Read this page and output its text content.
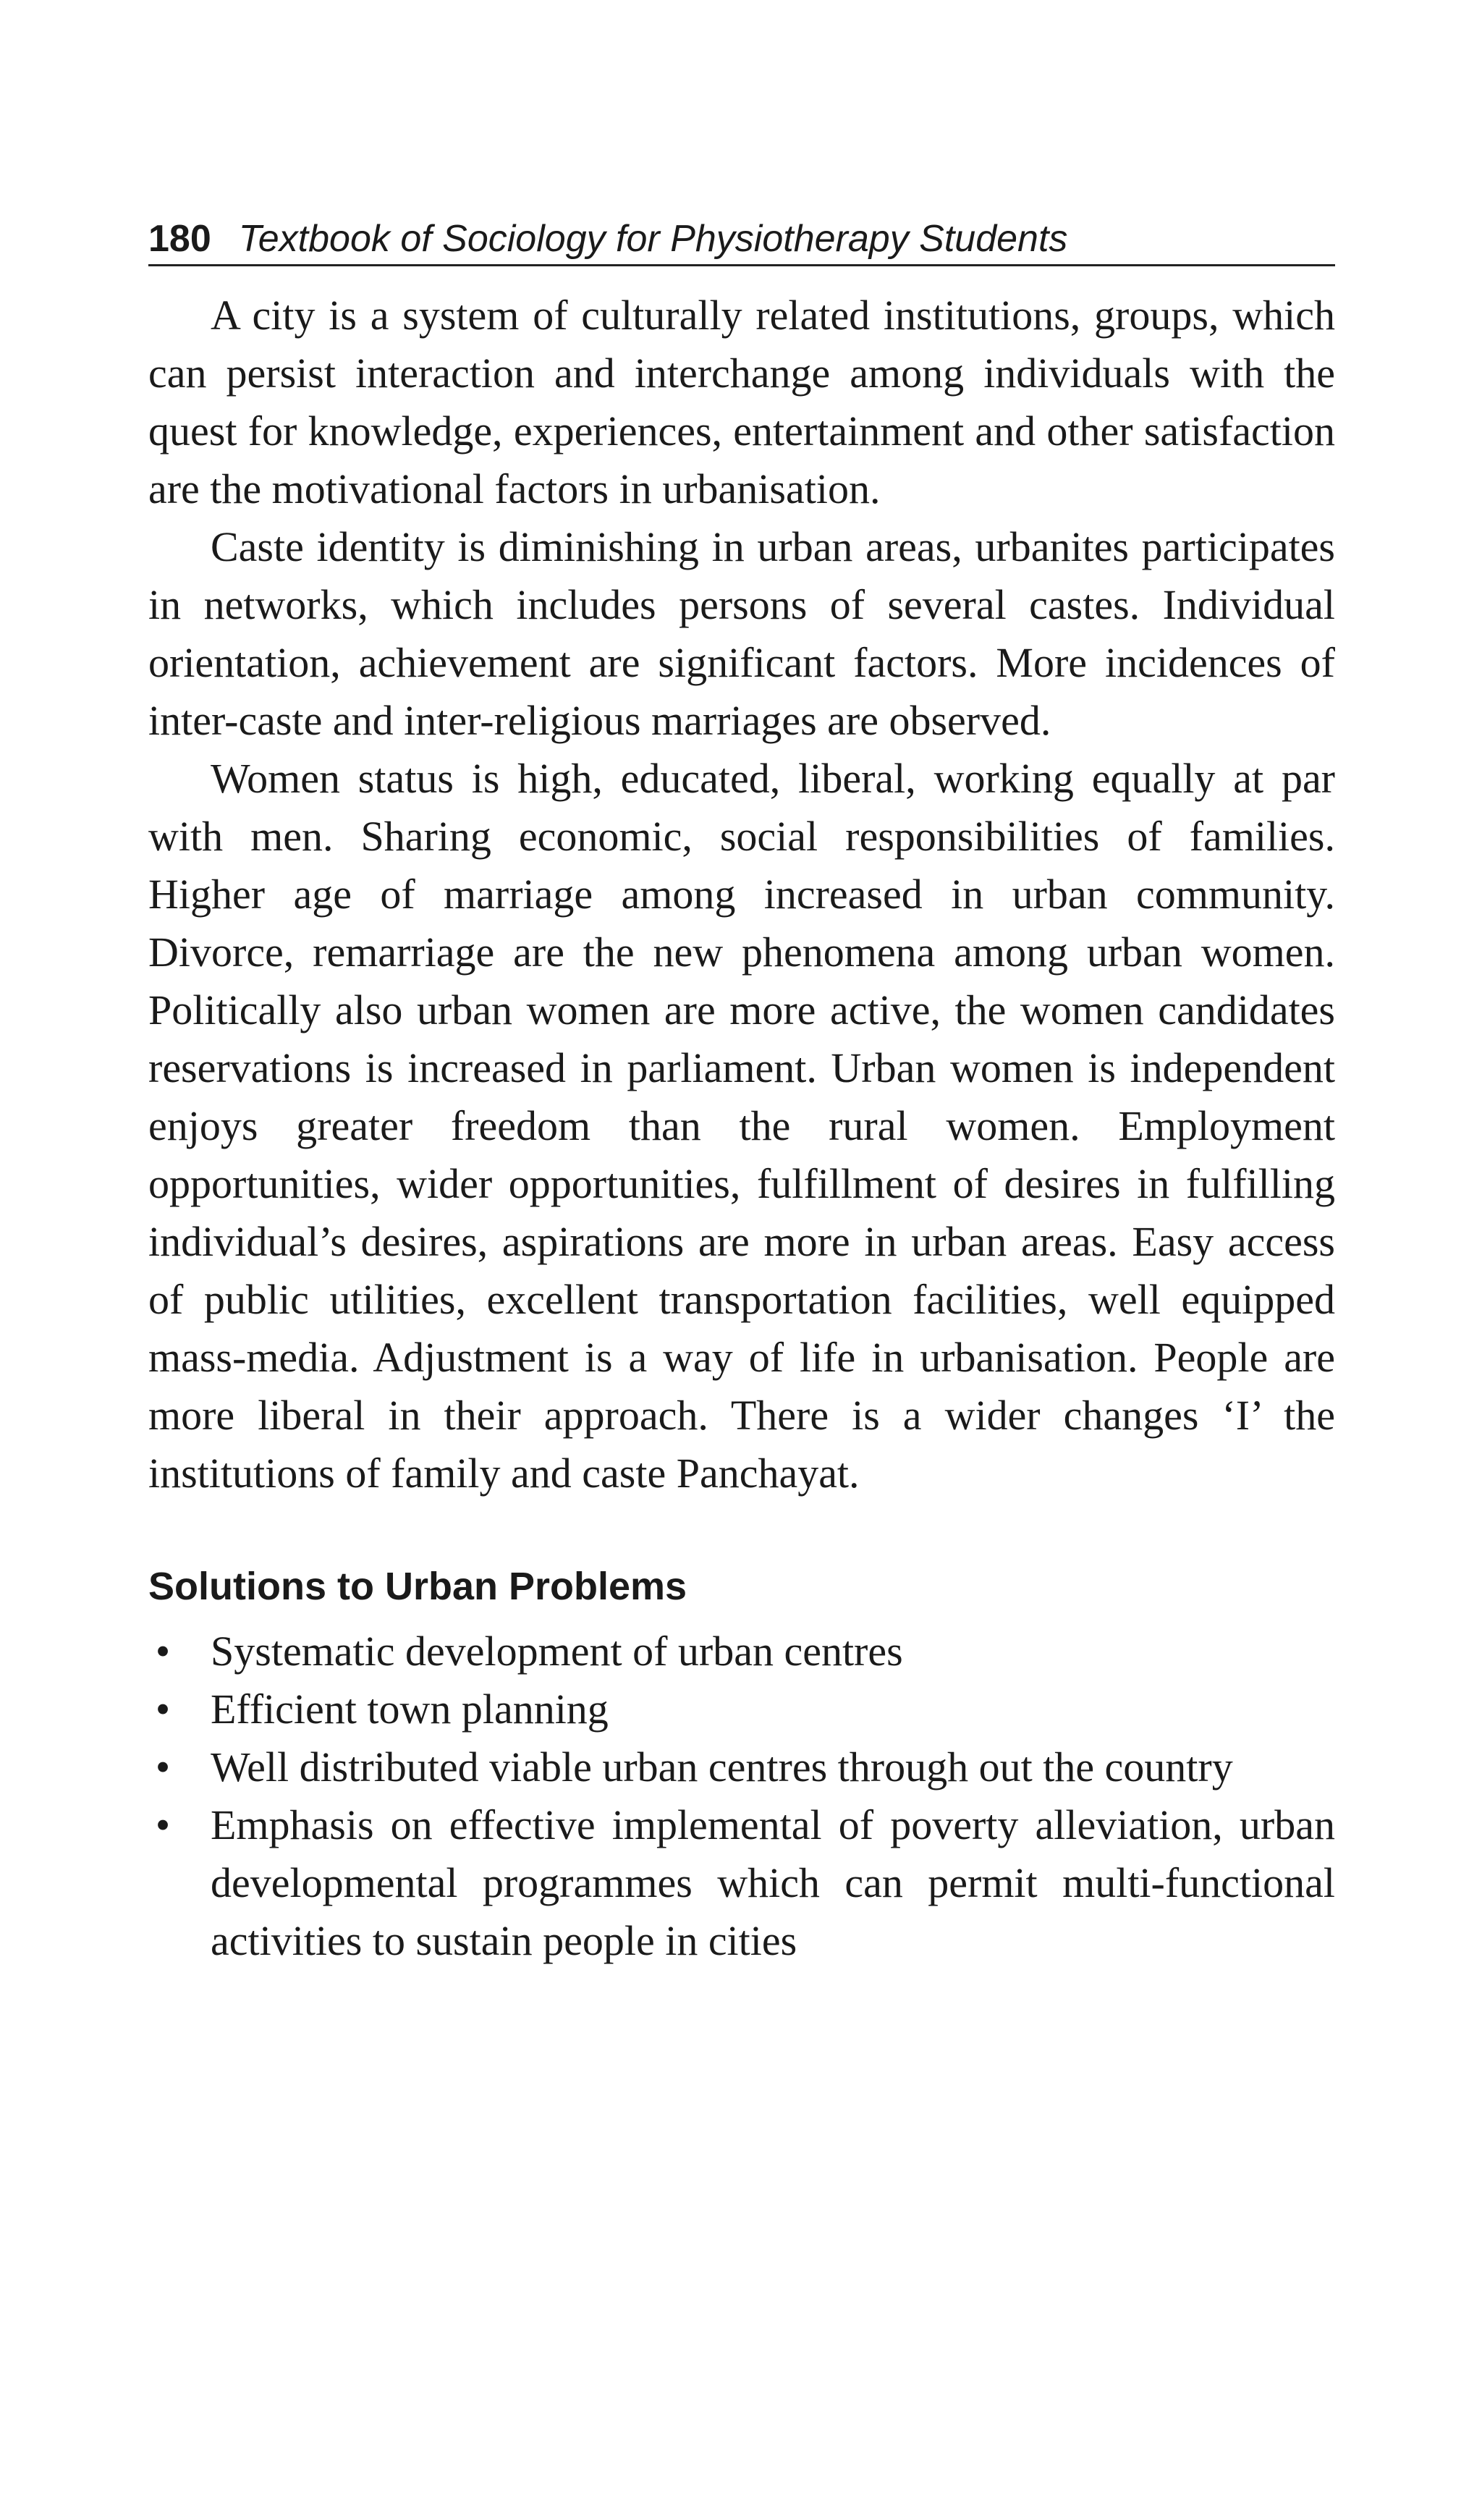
180 Textbook of Sociology for Physiotherapy Students

A city is a system of culturally related institutions, groups, which can persist interaction and interchange among individuals with the quest for knowledge, experiences, entertainment and other satisfaction are the motivational factors in urbanisation.

Caste identity is diminishing in urban areas, urbanites participates in networks, which includes persons of several castes. Individual orientation, achievement are significant factors. More incidences of inter-caste and inter-religious marriages are observed.

Women status is high, educated, liberal, working equally at par with men. Sharing economic, social responsibilities of families. Higher age of marriage among increased in urban community. Divorce, remarriage are the new phenomena among urban women. Politically also urban women are more active, the women candidates reservations is increased in parliament. Urban women is independent enjoys greater freedom than the rural women. Employment opportunities, wider opportunities, fulfillment of desires in fulfilling individual’s desires, aspirations are more in urban areas. Easy access of public utilities, excellent transportation facilities, well equipped mass-media. Adjustment is a way of life in urbanisation. People are more liberal in their approach. There is a wider changes ‘I’ the institutions of family and caste Panchayat.

Solutions to Urban Problems
• Systematic development of urban centres
• Efficient town planning
• Well distributed viable urban centres through out the country
• Emphasis on effective implemental of poverty alleviation, urban developmental programmes which can permit multi-functional activities to sustain people in cities
